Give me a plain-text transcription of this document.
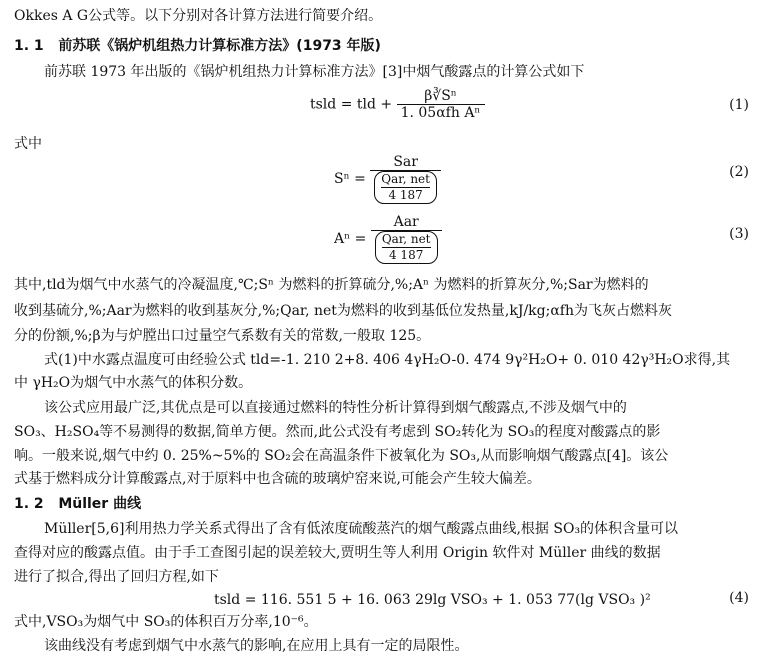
Okkes A G公式等。以下分别对各计算方法进行简要介绍。
1. 1 前苏联《锅炉机组热力计算标准方法》(1973 年版)
前苏联 1973 年出版的《锅炉机组热力计算标准方法》[3]中烟气酸露点的计算公式如下
tsld = tld + $\frac{\text{β∛Sⁿ}}{\text{1. 05αfh Aⁿ}}$	(1)
式中
Sⁿ = Sar
Qar, net
4 187	(2)
Aⁿ = Aar
Qar, net
4 187	(3)
其中,tld为烟气中水蒸气的冷凝温度,℃;Sⁿ 为燃料的折算硫分,%;Aⁿ 为燃料的折算灰分,%;Sar为燃料的
收到基硫分,%;Aar为燃料的收到基灰分,%;Qar, net为燃料的收到基低位发热量,kJ/kg;αfh为飞灰占燃料灰
分的份额,%;β为与炉膛出口过量空气系数有关的常数,一般取 125。
式(1)中水露点温度可由经验公式 tld=-1. 210 2+8. 406 4γH₂O-0. 474 9γ²H₂O+ 0. 010 42γ³H₂O求得,其
中 γH₂O为烟气中水蒸气的体积分数。
该公式应用最广泛,其优点是可以直接通过燃料的特性分析计算得到烟气酸露点,不涉及烟气中的
SO₃、H₂SO₄等不易测得的数据,简单方便。然而,此公式没有考虑到 SO₂转化为 SO₃的程度对酸露点的影
响。一般来说,烟气中约 0. 25%~5%的 SO₂会在高温条件下被氧化为 SO₃,从而影响烟气酸露点[4]。该公
式基于燃料成分计算酸露点,对于原料中也含硫的玻璃炉窑来说,可能会产生较大偏差。
1. 2 Müller 曲线
Müller[5,6]利用热力学关系式得出了含有低浓度硫酸蒸汽的烟气酸露点曲线,根据 SO₃的体积含量可以
查得对应的酸露点值。由于手工查图引起的误差较大,贾明生等人利用 Origin 软件对 Müller 曲线的数据
进行了拟合,得出了回归方程,如下
tsld = 116. 551 5 + 16. 063 29lg VSO₃ + 1. 053 77(lg VSO₃ )²	(4)
式中,VSO₃为烟气中 SO₃的体积百万分率,10⁻⁶。
该曲线没有考虑到烟气中水蒸气的影响,在应用上具有一定的局限性。
